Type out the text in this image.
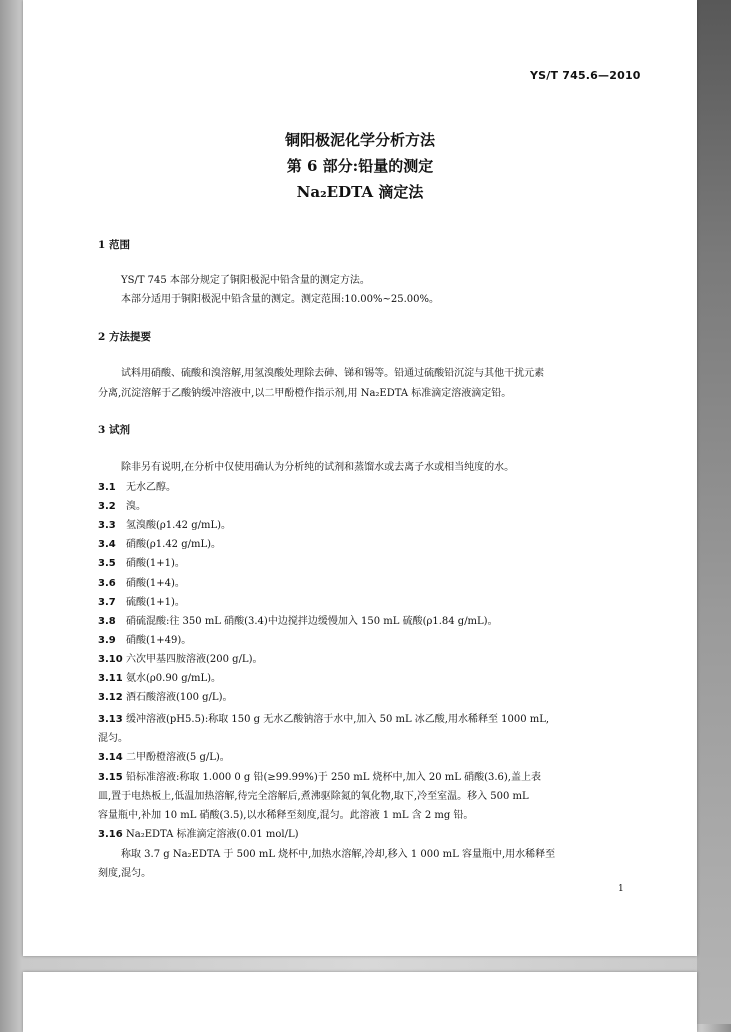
YS/T 745.6—2010
铜阳极泥化学分析方法
第 6 部分:铅量的测定
Na₂EDTA 滴定法
1 范围
YS/T 745 本部分规定了铜阳极泥中铅含量的测定方法。
本部分适用于铜阳极泥中铅含量的测定。测定范围:10.00%~25.00%。
2 方法提要
试料用硝酸、硫酸和溴溶解,用氢溴酸处理除去砷、锑和锡等。铅通过硫酸铅沉淀与其他干扰元素
分离,沉淀溶解于乙酸钠缓冲溶液中,以二甲酚橙作指示剂,用 Na₂EDTA 标准滴定溶液滴定铅。
3 试剂
除非另有说明,在分析中仅使用确认为分析纯的试剂和蒸馏水或去离子水或相当纯度的水。
3.1 无水乙醇。
3.2 溴。
3.3 氢溴酸(ρ1.42 g/mL)。
3.4 硝酸(ρ1.42 g/mL)。
3.5 硝酸(1+1)。
3.6 硝酸(1+4)。
3.7 硫酸(1+1)。
3.8 硝硫混酸:往 350 mL 硝酸(3.4)中边搅拌边缓慢加入 150 mL 硫酸(ρ1.84 g/mL)。
3.9 硝酸(1+49)。
3.10 六次甲基四胺溶液(200 g/L)。
3.11 氨水(ρ0.90 g/mL)。
3.12 酒石酸溶液(100 g/L)。
3.13 缓冲溶液(pH5.5):称取 150 g 无水乙酸钠溶于水中,加入 50 mL 冰乙酸,用水稀释至 1000 mL,
混匀。
3.14 二甲酚橙溶液(5 g/L)。
3.15 铅标准溶液:称取 1.000 0 g 铅(≥99.99%)于 250 mL 烧杯中,加入 20 mL 硝酸(3.6),盖上表
皿,置于电热板上,低温加热溶解,待完全溶解后,煮沸驱除氮的氧化物,取下,冷至室温。移入 500 mL
容量瓶中,补加 10 mL 硝酸(3.5),以水稀释至刻度,混匀。此溶液 1 mL 含 2 mg 铅。
3.16 Na₂EDTA 标准滴定溶液(0.01 mol/L)
称取 3.7 g Na₂EDTA 于 500 mL 烧杯中,加热水溶解,冷却,移入 1 000 mL 容量瓶中,用水稀释至
刻度,混匀。
1
